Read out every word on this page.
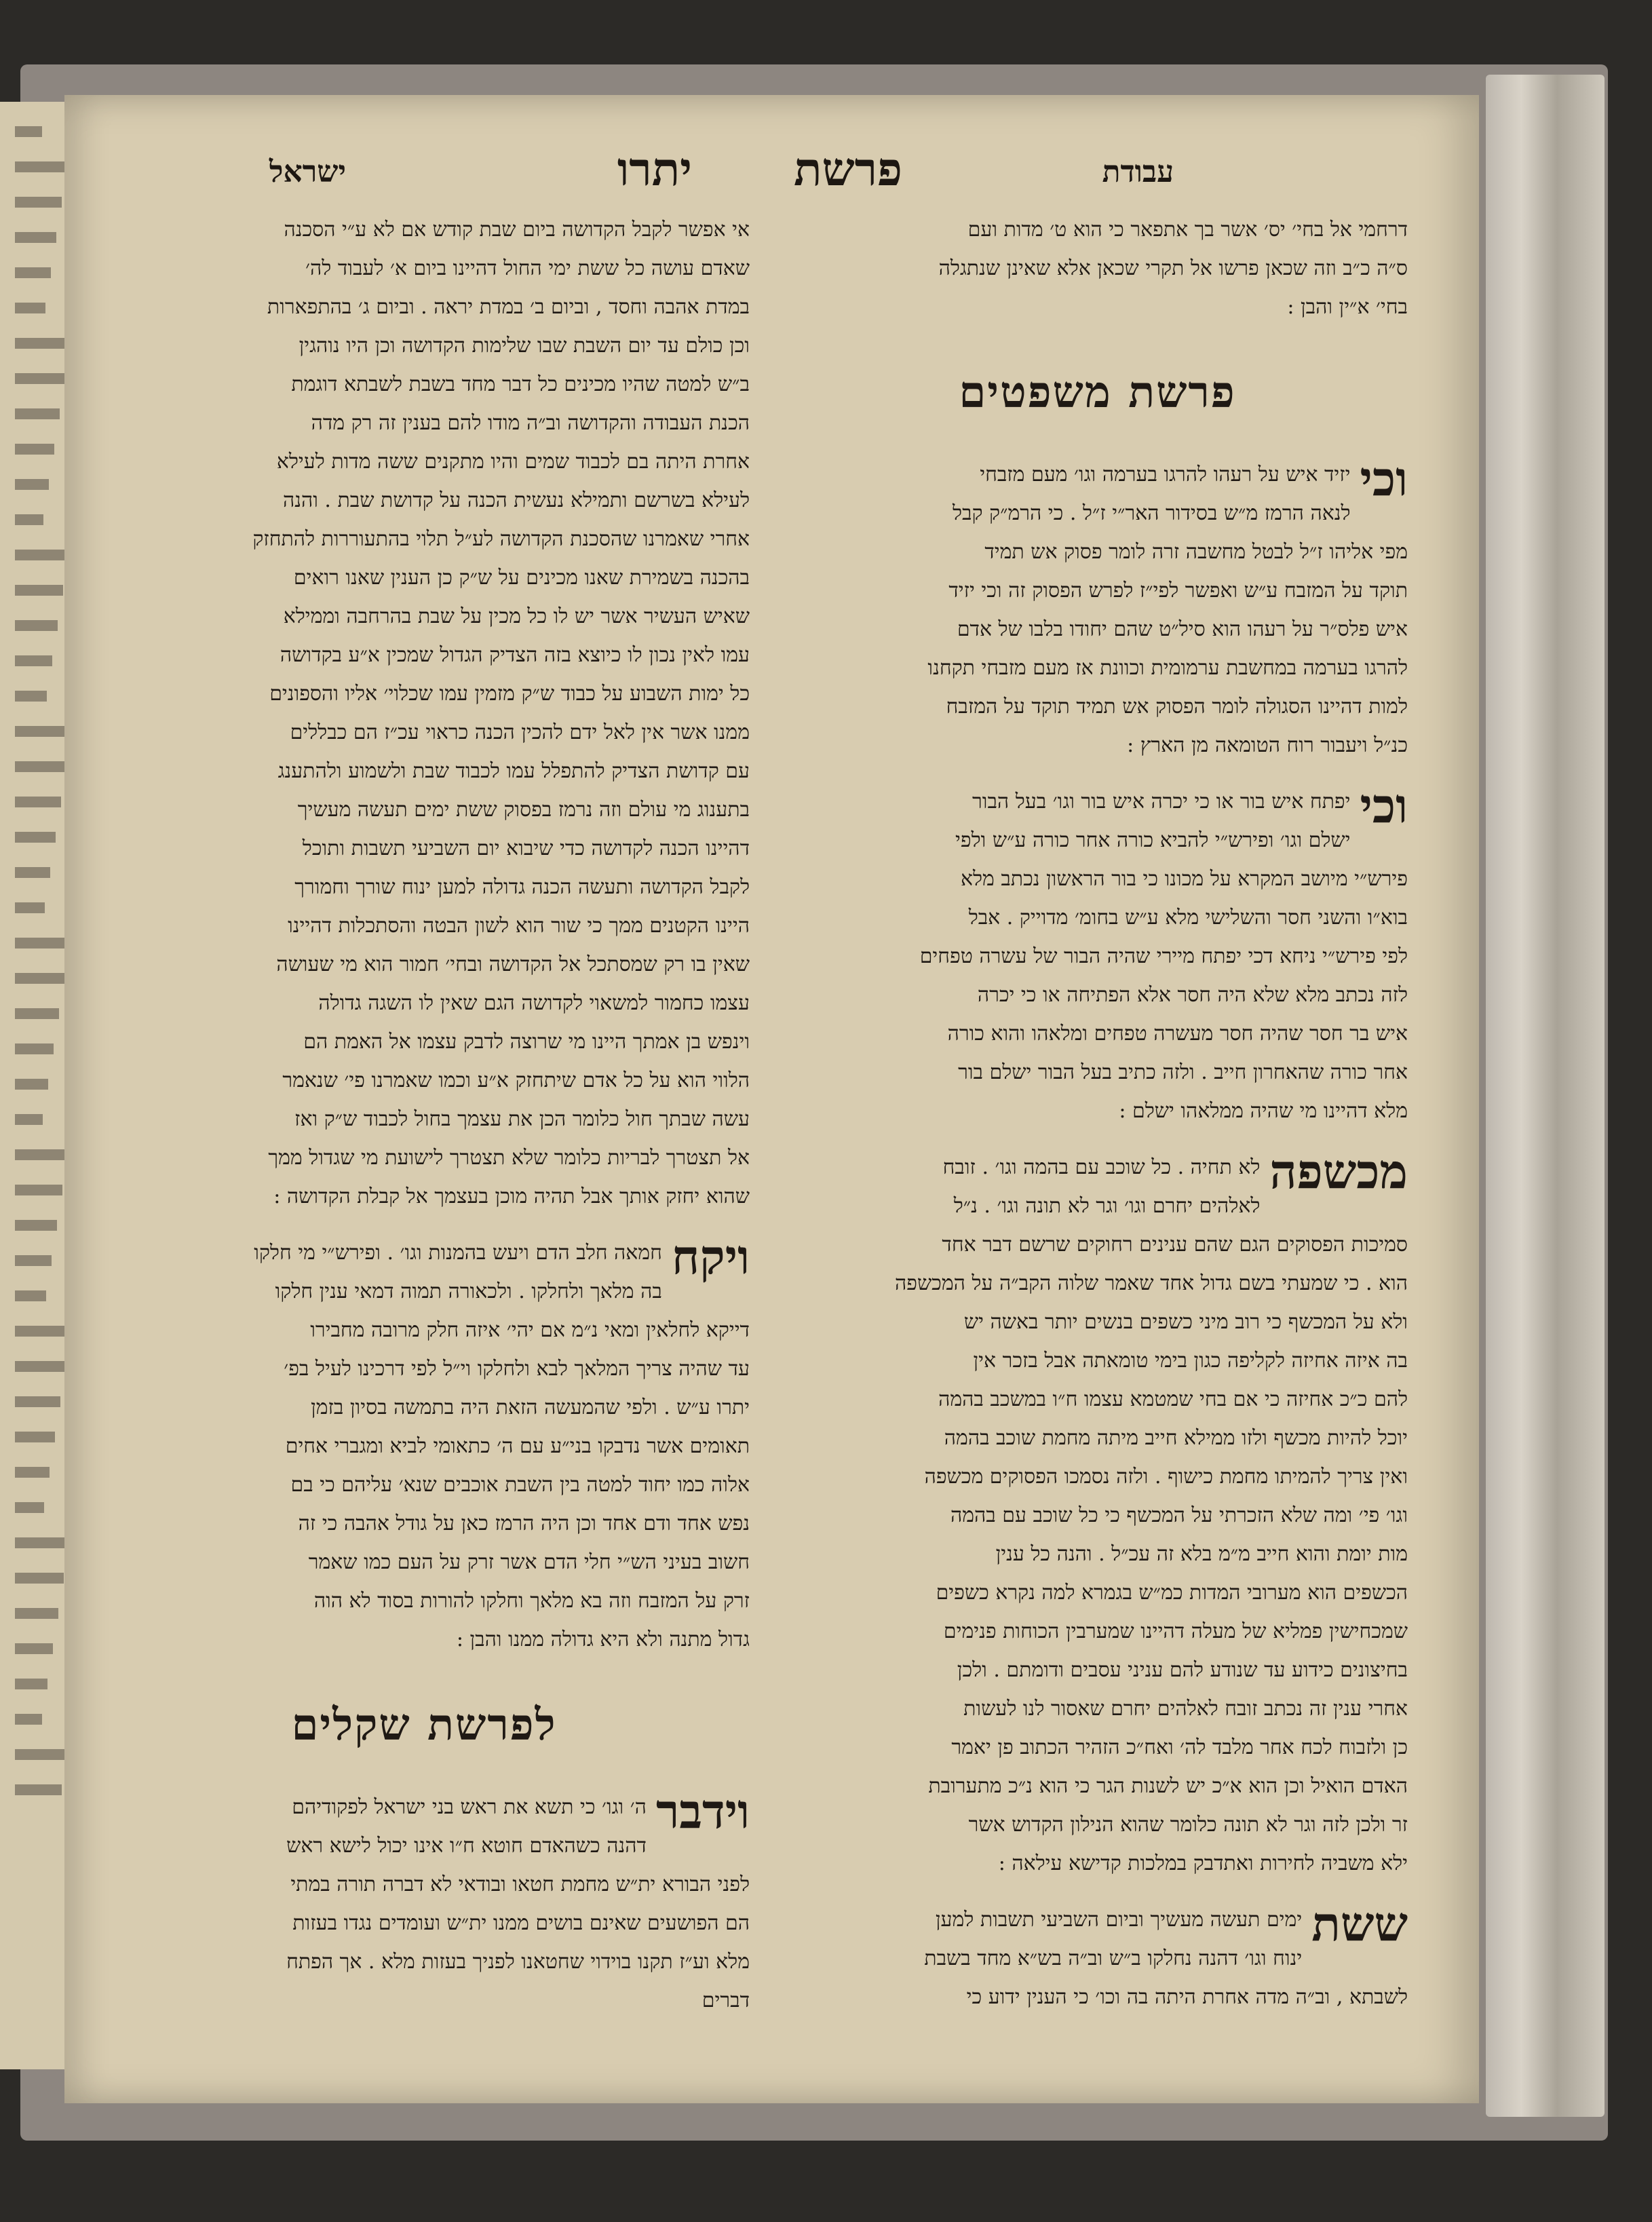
עבודת
פרשת
יתרו
ישראל
דרחמי אל בחי׳ יס׳ אשר בך אתפאר כי הוא ט׳ מדות ועם
ס״ה כ״ב וזה שכאן פרשו אל תקרי שכאן אלא שאינן שנתגלה
בחי׳ א״ין והבן :
פרשת משפטים
וכי
יזיד איש על רעהו להרגו בערמה וגו׳ מעם מזבחי
לנאה הרמז מ״ש בסידור האר״י ז״ל . כי הרמ״ק קבל
מפי אליהו ז״ל לבטל מחשבה זרה לומר פסוק אש תמיד
תוקד על המזבח ע״ש ואפשר לפי״ז לפרש הפסוק זה וכי יזיד
איש פלס״ר על רעהו הוא סיל״ט שהם יחודו בלבו של אדם
להרגו בערמה במחשבת ערמומית וכוונת אז מעם מזבחי תקחנו
למות דהיינו הסגולה לומר הפסוק אש תמיד תוקד על המזבח
כנ״ל ויעבור רוח הטומאה מן הארץ :
וכי
יפתח איש בור או כי יכרה איש בור וגו׳ בעל הבור
ישלם וגו׳ ופירש״י להביא כורה אחר כורה ע״ש ולפי
פירש״י מיושב המקרא על מכונו כי בור הראשון נכתב מלא
בוא״ו והשני חסר והשלישי מלא ע״ש בחומ׳ מדוייק . אבל
לפי פירש״י ניחא דכי יפתח מיירי שהיה הבור של עשרה טפחים
לזה נכתב מלא שלא היה חסר אלא הפתיחה או כי יכרה
איש בר חסר שהיה חסר מעשרה טפחים ומלאהו והוא כורה
אחר כורה שהאחרון חייב . ולזה כתיב בעל הבור ישלם בור
מלא דהיינו מי שהיה ממלאהו ישלם :
מכשפה
לא תחיה . כל שוכב עם בהמה וגו׳ . זובח
לאלהים יחרם וגו׳ וגר לא תונה וגו׳ . נ״ל
סמיכות הפסוקים הגם שהם ענינים רחוקים שרשם דבר אחד
הוא . כי שמעתי בשם גדול אחד שאמר שלוה הקב״ה על המכשפה
ולא על המכשף כי רוב מיני כשפים בנשים יותר באשה יש
בה איזה אחיזה לקליפה כגון בימי טומאתה אבל בזכר אין
להם כ״כ אחיזה כי אם בחי שמטמא עצמו ח״ו במשכב בהמה
יוכל להיות מכשף ולזו ממילא חייב מיתה מחמת שוכב בהמה
ואין צריך להמיתו מחמת כישוף . ולזה נסמכו הפסוקים מכשפה
וגו׳ פי׳ ומה שלא הזכרתי על המכשף כי כל שוכב עם בהמה
מות יומת והוא חייב מ״מ בלא זה עכ״ל . והנה כל ענין
הכשפים הוא מערובי המדות כמ״ש בגמרא למה נקרא כשפים
שמכחישין פמליא של מעלה דהיינו שמערבין הכוחות פנימים
בחיצונים כידוע עד שנודע להם עניני עסבים ודומתם . ולכן
אחרי ענין זה נכתב זובח לאלהים יחרם שאסור לנו לעשות
כן ולזבוח לכח אחר מלבד לה׳ ואח״כ הזהיר הכתוב פן יאמר
האדם הואיל וכן הוא א״כ יש לשנות הגר כי הוא נ״כ מתערובת
זר ולכן לזה וגר לא תונה כלומר שהוא הנילון הקדוש אשר
ילא משביה לחירות ואתדבק במלכות קדישא עילאה :
ששת
ימים תעשה מעשיך וביום השביעי תשבות למען
ינוח וגו׳ דהנה נחלקו ב״ש וב״ה בש״א מחד בשבת
לשבתא , וב״ה מדה אחרת היתה בה וכו׳ כי הענין ידוע כי
אי אפשר לקבל הקדושה ביום שבת קודש אם לא ע״י הסכנה
שאדם עושה כל ששת ימי החול דהיינו ביום א׳ לעבוד לה׳
במדת אהבה וחסד , וביום ב׳ במדת יראה . וביום ג׳ בהתפארות
וכן כולם עד יום השבת שבו שלימות הקדושה וכן היו נוהגין
ב״ש למטה שהיו מכינים כל דבר מחד בשבת לשבתא דוגמת
הכנת העבודה והקדושה וב״ה מודו להם בענין זה רק מדה
אחרת היתה בם לכבוד שמים והיו מתקנים ששה מדות לעילא
לעילא בשרשם ותמילא נעשית הכנה על קדושת שבת . והנה
אחרי שאמרנו שהסכנת הקדושה לע״ל תלוי בהתעוררות להתחזק
בהכנה בשמירת שאנו מכינים על ש״ק כן הענין שאנו רואים
שאיש העשיר אשר יש לו כל מכין על שבת בהרחבה וממילא
עמו לאין נכון לו כיוצא בזה הצדיק הגדול שמכין א״ע בקדושה
כל ימות השבוע על כבוד ש״ק מזמין עמו שכלוי׳ אליו והספונים
ממנו אשר אין לאל ידם להכין הכנה כראוי עכ״ז הם כבללים
עם קדושת הצדיק להתפלל עמו לכבוד שבת ולשמוע ולהתענג
בתענוג מי עולם וזה נרמז בפסוק ששת ימים תעשה מעשיך
דהיינו הכנה לקדושה כדי שיבוא יום השביעי תשבות ותוכל
לקבל הקדושה ותעשה הכנה גדולה למען ינוח שורך וחמורך
היינו הקטנים ממך כי שור הוא לשון הבטה והסתכלות דהיינו
שאין בו רק שמסתכל אל הקדושה ובחי׳ חמור הוא מי שעושה
עצמו כחמור למשאוי לקדושה הגם שאין לו השגה גדולה
וינפש בן אמתך היינו מי שרוצה לדבק עצמו אל האמת הם
הלווי הוא על כל אדם שיתחזק א״ע וכמו שאמרנו פי׳ שנאמר
עשה שבתך חול כלומר הכן את עצמך בחול לכבוד ש״ק ואז
אל תצטרך לבריות כלומר שלא תצטרך לישועת מי שגדול ממך
שהוא יחזק אותך אבל תהיה מוכן בעצמך אל קבלת הקדושה :
ויקח
חמאה חלב הדם ויעש בהמנות וגו׳ . ופירש״י מי חלקו
בה מלאך ולחלקו . ולכאורה תמוה דמאי ענין חלקו
דייקא לחלאין ומאי נ״מ אם יהי׳ איזה חלק מרובה מחבירו
עד שהיה צריך המלאך לבא ולחלקו וי״ל לפי דרכינו לעיל בפ׳
יתרו ע״ש . ולפי שהמעשה הזאת היה בתמשה בסיון בזמן
תאומים אשר נדבקו בני״ע עם ה׳ כתאומי לביא ומגברי אחים
אלוה כמו יחוד למטה בין השבת אוכבים שנא׳ עליהם כי בם
נפש אחד ודם אחד וכן היה הרמז כאן על גודל אהבה כי זה
חשוב בעיני הש״י חלי הדם אשר זרק על העם כמו שאמר
זרק על המזבח וזה בא מלאך וחלקו להורות בסוד לא הוה
גדול מתנה ולא היא גדולה ממנו והבן :
לפרשת שקלים
וידבר
ה׳ וגו׳ כי תשא את ראש בני ישראל לפקודיהם
דהנה כשהאדם חוטא ח״ו אינו יכול לישא ראש
לפני הבורא ית״ש מחמת חטאו ובודאי לא דברה תורה במתי
הם הפושעים שאינם בושים ממנו ית״ש ועומדים נגדו בעזות
מלא וע״ז תקנו בוידוי שחטאנו לפניך בעזות מלא . אך הפתח
דברים
